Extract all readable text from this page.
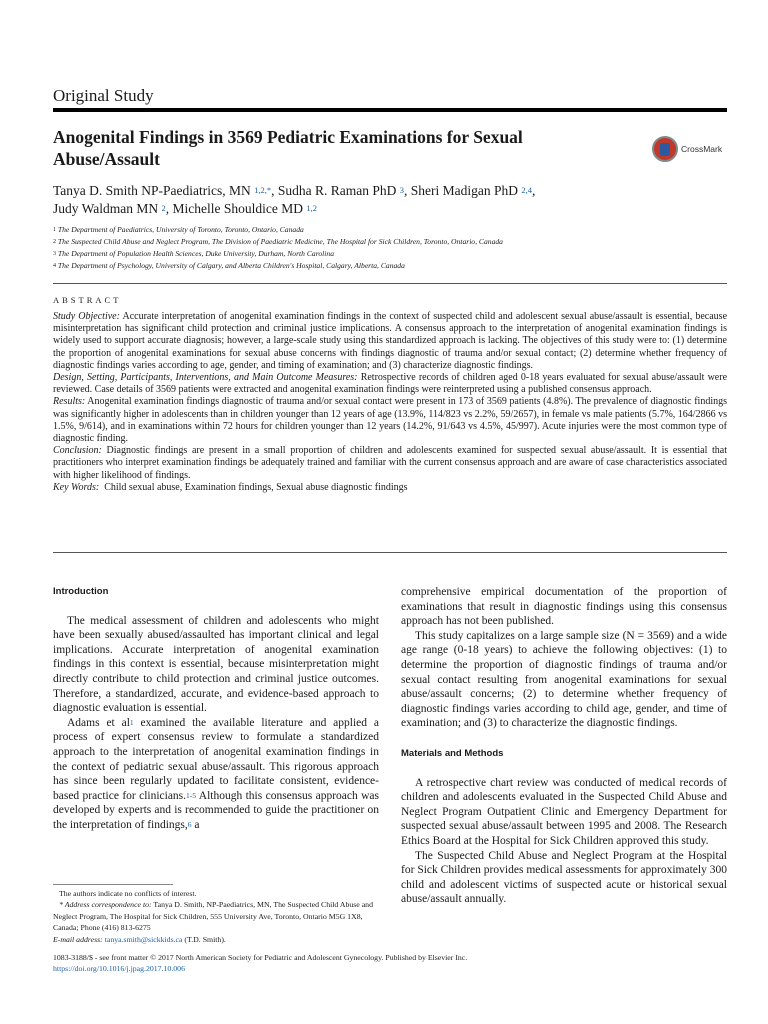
Original Study
Anogenital Findings in 3569 Pediatric Examinations for Sexual Abuse/Assault	CrossMark
Tanya D. Smith NP-Paediatrics, MN $^{1,2,*}$, Sudha R. Raman PhD $^3$, Sheri Madigan PhD $^{2,4}$,
Judy Waldman MN $^2$, Michelle Shouldice MD $^{1,2}$
$^1$ The Department of Paediatrics, University of Toronto, Toronto, Ontario, Canada
$^2$ The Suspected Child Abuse and Neglect Program, The Division of Paediatric Medicine, The Hospital for Sick Children, Toronto, Ontario, Canada
$^3$ The Department of Population Health Sciences, Duke University, Durham, North Carolina
$^4$ The Department of Psychology, University of Calgary, and Alberta Children's Hospital, Calgary, Alberta, Canada
ABSTRACT

Study Objective: Accurate interpretation of anogenital examination findings in the context of suspected child and adolescent sexual abuse/assault is essential, because misinterpretation has significant child protection and criminal justice implications. A consensus approach to the interpretation of anogenital examination findings is widely used to support accurate diagnosis; however, a large-scale study using this standardized approach is lacking. The objectives of this study were to: (1) determine the proportion of anogenital examinations for sexual abuse concerns with findings diagnostic of trauma and/or sexual contact; (2) determine whether frequency of diagnostic findings varies according to age, gender, and timing of examination; and (3) characterize diagnostic findings.

Design, Setting, Participants, Interventions, and Main Outcome Measures: Retrospective records of children aged 0-18 years evaluated for sexual abuse/assault were reviewed. Case details of 3569 patients were extracted and anogenital examination findings were reinterpreted using a published consensus approach.

Results: Anogenital examination findings diagnostic of trauma and/or sexual contact were present in 173 of 3569 patients (4.8%). The prevalence of diagnostic findings was significantly higher in adolescents than in children younger than 12 years of age (13.9%, 114/823 vs 2.2%, 59/2657), in female vs male patients (5.7%, 164/2866 vs 1.5%, 9/614), and in examinations within 72 hours for children younger than 12 years (14.2%, 91/643 vs 4.5%, 45/997). Acute injuries were the most common type of diagnostic finding.

Conclusion: Diagnostic findings are present in a small proportion of children and adolescents examined for suspected sexual abuse/assault. It is essential that practitioners who interpret examination findings be adequately trained and familiar with the current consensus approach and are aware of case characteristics associated with higher likelihood of findings.

Key Words: Child sexual abuse, Examination findings, Sexual abuse diagnostic findings

Introduction

The medical assessment of children and adolescents who might have been sexually abused/assaulted has important clinical and legal implications. Accurate interpretation of anogenital examination findings in this context is essential, because misinterpretation might directly contribute to child protection and criminal justice outcomes. Therefore, a standardized, accurate, and evidence-based approach to diagnostic evaluation is essential.

Adams et $al^1$ examined the available literature and applied a process of expert consensus review to formulate a standardized approach to the interpretation of anogenital examination findings in the context of pediatric sexual abuse/assault. This rigorous approach has since been regularly updated to facilitate consistent, evidence-based practice for clinicians.$^{1-5}$ Although this consensus approach was developed by experts and is recommended to guide the practitioner on the interpretation of findings,$^6$ a

comprehensive empirical documentation of the proportion of examinations that result in diagnostic findings using this consensus approach has not been published.

This study capitalizes on a large sample size (N = 3569) and a wide age range (0-18 years) to achieve the following objectives: (1) to determine the proportion of diagnostic findings of trauma and/or sexual contact resulting from anogenital examinations for sexual abuse/assault concerns; (2) to determine whether frequency of diagnostic findings varies according to child age, gender, and time of examination; and (3) to characterize the diagnostic findings.

Materials and Methods

A retrospective chart review was conducted of medical records of children and adolescents evaluated in the Suspected Child Abuse and Neglect Program Outpatient Clinic and Emergency Department for suspected sexual abuse/assault between 1995 and 2008. The Research Ethics Board at the Hospital for Sick Children approved this study.

The Suspected Child Abuse and Neglect Program at the Hospital for Sick Children provides medical assessments for approximately 300 child and adolescent victims of suspected acute or historical sexual abuse/assault annually.

The authors indicate no conflicts of interest.
* Address correspondence to: Tanya D. Smith, NP-Paediatrics, MN, The Suspected Child Abuse and Neglect Program, The Hospital for Sick Children, 555 University Ave, Toronto, Ontario M5G 1X8, Canada; Phone (416) 813-6275
E-mail address: tanya.smith@sickkids.ca (T.D. Smith).
1083-3188/$ - see front matter © 2017 North American Society for Pediatric and Adolescent Gynecology. Published by Elsevier Inc.
https://doi.org/10.1016/j.jpag.2017.10.006
